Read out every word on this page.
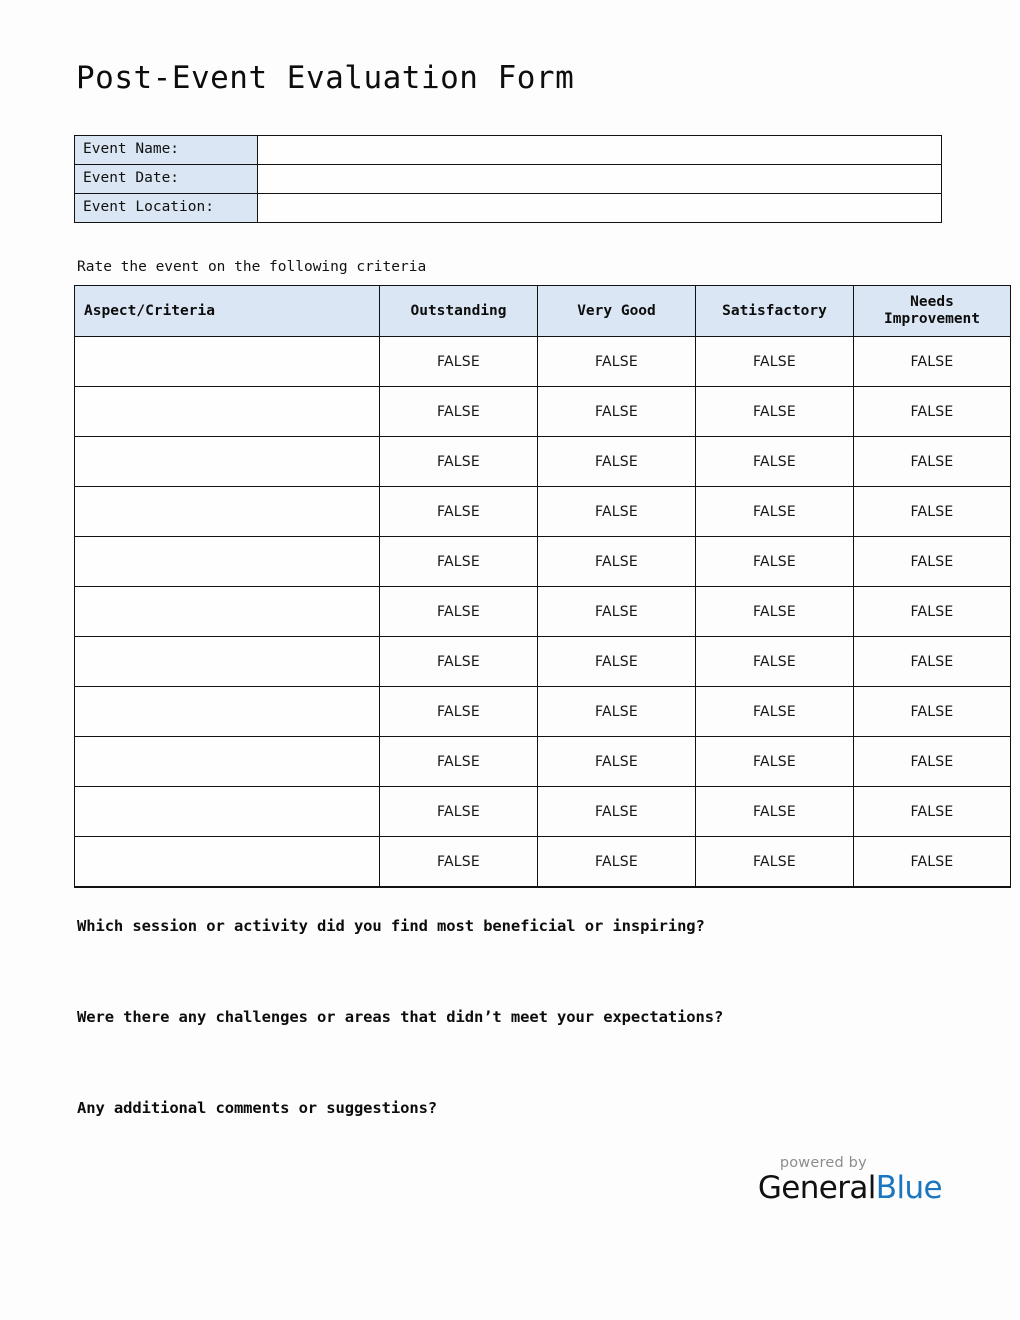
Post-Event Evaluation Form
Event Name:	
Event Date:	
Event Location:	
Rate the event on the following criteria
Aspect/Criteria	Outstanding	Very Good	Satisfactory	Needs Improvement
	FALSE	FALSE	FALSE	FALSE
	FALSE	FALSE	FALSE	FALSE
	FALSE	FALSE	FALSE	FALSE
	FALSE	FALSE	FALSE	FALSE
	FALSE	FALSE	FALSE	FALSE
	FALSE	FALSE	FALSE	FALSE
	FALSE	FALSE	FALSE	FALSE
	FALSE	FALSE	FALSE	FALSE
	FALSE	FALSE	FALSE	FALSE
	FALSE	FALSE	FALSE	FALSE
	FALSE	FALSE	FALSE	FALSE
Which session or activity did you find most beneficial or inspiring?
Were there any challenges or areas that didn’t meet your expectations?
Any additional comments or suggestions?
powered by
GeneralBlue
